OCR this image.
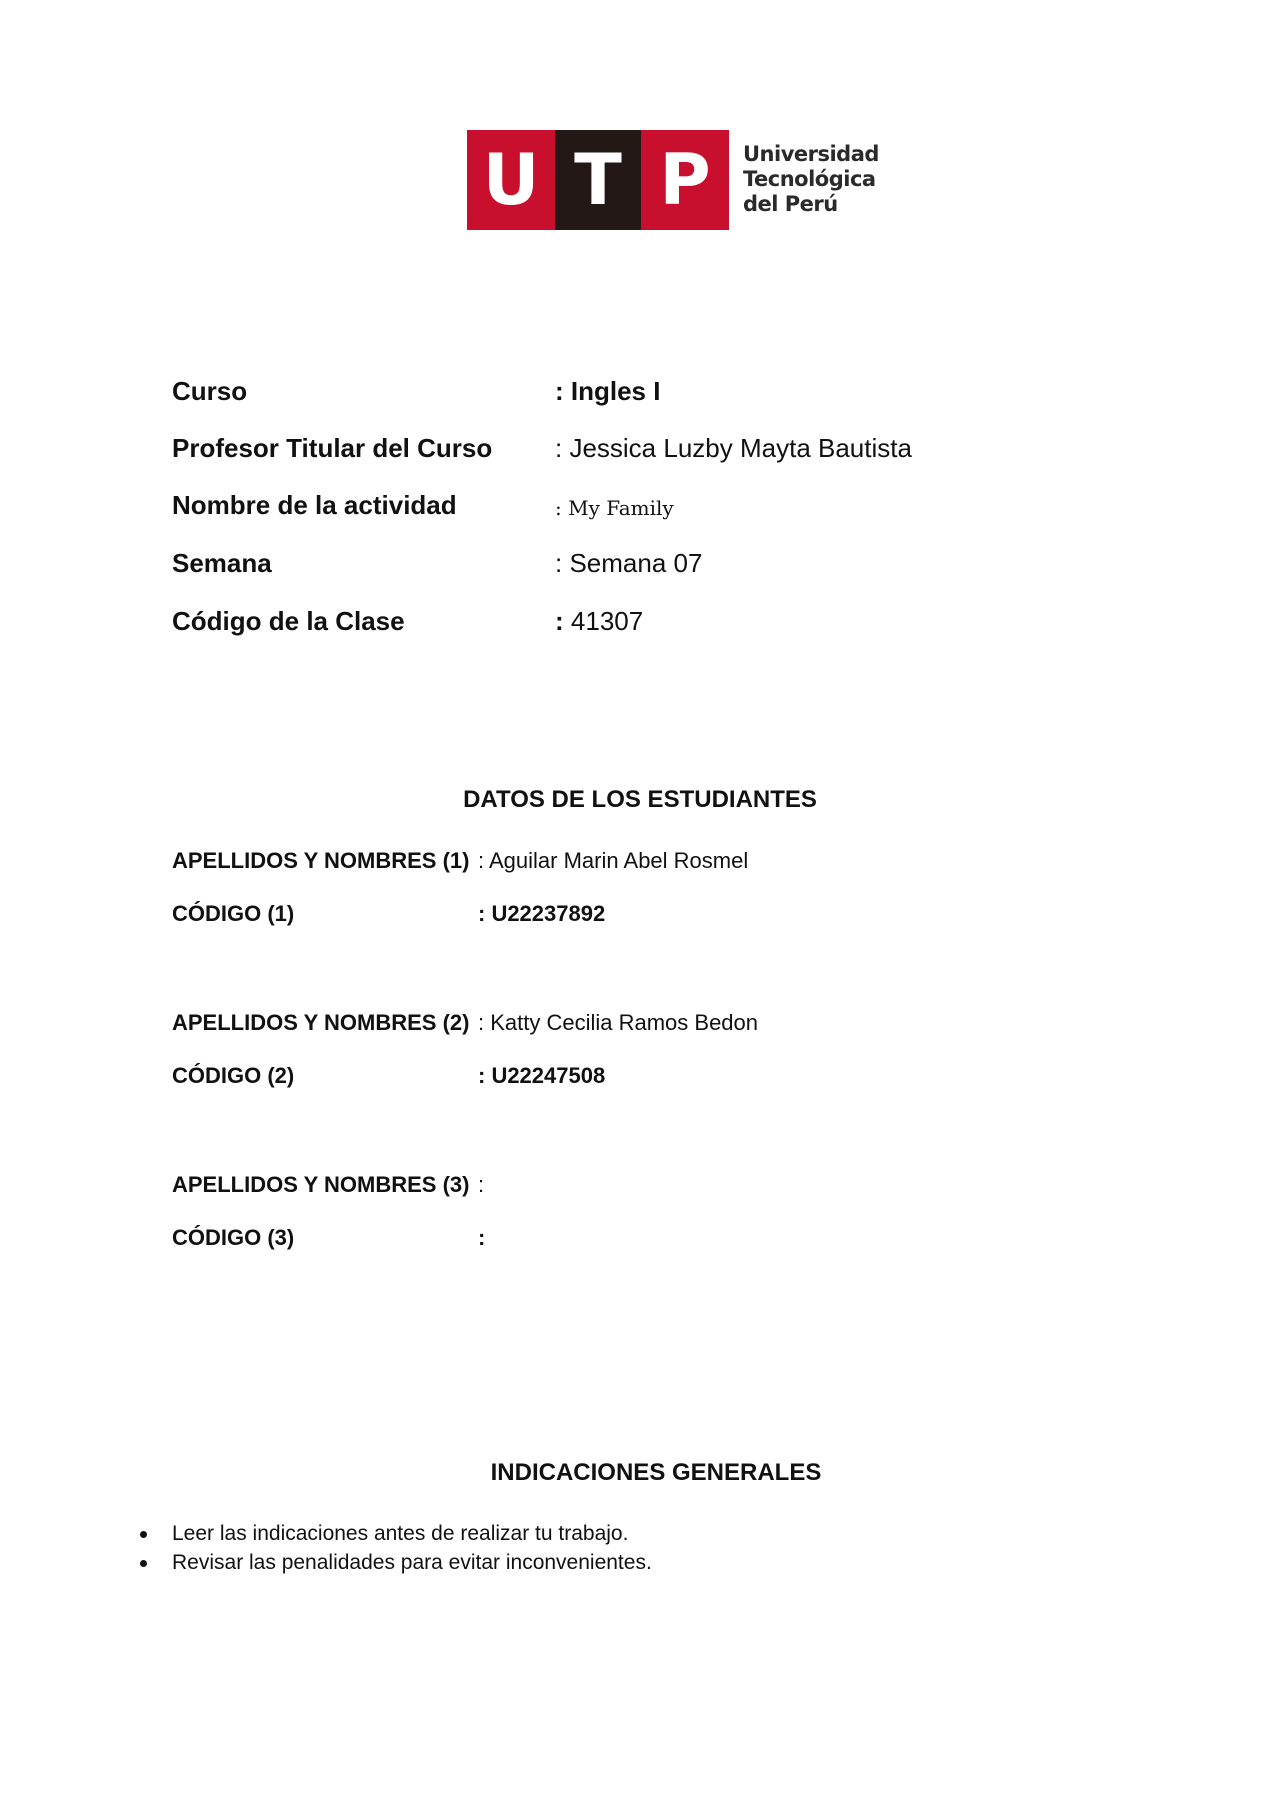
U T P	Universidad
Tecnológica
del Perú
Curso	: Ingles I
Profesor Titular del Curso : Jessica Luzby Mayta Bautista
Nombre de la actividad	: My Family
Semana	: Semana 07
Código de la Clase	: 41307
DATOS DE LOS ESTUDIANTES
APELLIDOS Y NOMBRES (1) : Aguilar Marin Abel Rosmel
CÓDIGO (1)	: U22237892
APELLIDOS Y NOMBRES (2) : Katty Cecilia Ramos Bedon
CÓDIGO (2)	: U22247508
APELLIDOS Y NOMBRES (3) :
CÓDIGO (3)	:
INDICACIONES GENERALES
Leer las indicaciones antes de realizar tu trabajo.
Revisar las penalidades para evitar inconvenientes.
